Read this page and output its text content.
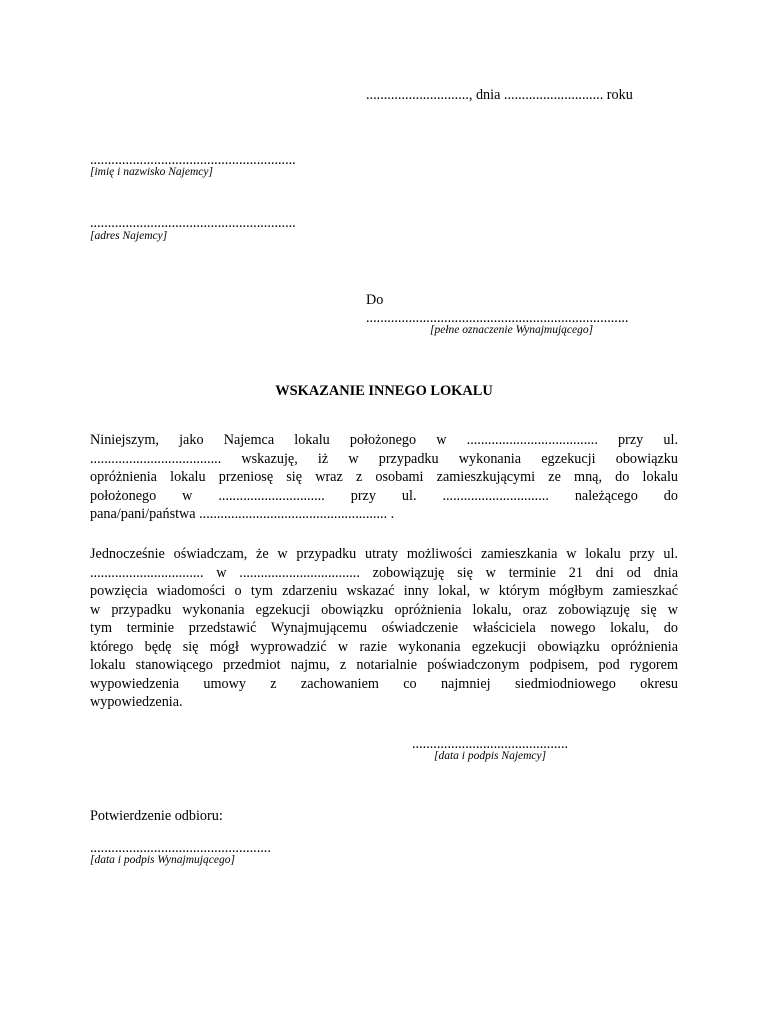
............................., dnia ............................ roku
..........................................................
[imię i nazwisko Najemcy]
..........................................................
[adres Najemcy]
Do
..........................................................................
[pełne oznaczenie Wynajmującego]
WSKAZANIE INNEGO LOKALU
Niniejszym, jako Najemca lokalu położonego w ..................................... przy ul.
..................................... wskazuję, iż w przypadku wykonania egzekucji obowiązku
opróżnienia lokalu przeniosę się wraz z osobami zamieszkującymi ze mną, do lokalu
położonego w .............................. przy ul. .............................. należącego do
pana/pani/państwa ..................................................... .
Jednocześnie oświadczam, że w przypadku utraty możliwości zamieszkania w lokalu przy ul.
................................ w .................................. zobowiązuję się w terminie 21 dni od dnia
powzięcia wiadomości o tym zdarzeniu wskazać inny lokal, w którym mógłbym zamieszkać
w przypadku wykonania egzekucji obowiązku opróżnienia lokalu, oraz zobowiązuję się w
tym terminie przedstawić Wynajmującemu oświadczenie właściciela nowego lokalu, do
którego będę się mógł wyprowadzić w razie wykonania egzekucji obowiązku opróżnienia
lokalu stanowiącego przedmiot najmu, z notarialnie poświadczonym podpisem, pod rygorem
wypowiedzenia umowy z zachowaniem co najmniej siedmiodniowego okresu
wypowiedzenia.
............................................
[data i podpis Najemcy]
Potwierdzenie odbioru:
...................................................
[data i podpis Wynajmującego]
